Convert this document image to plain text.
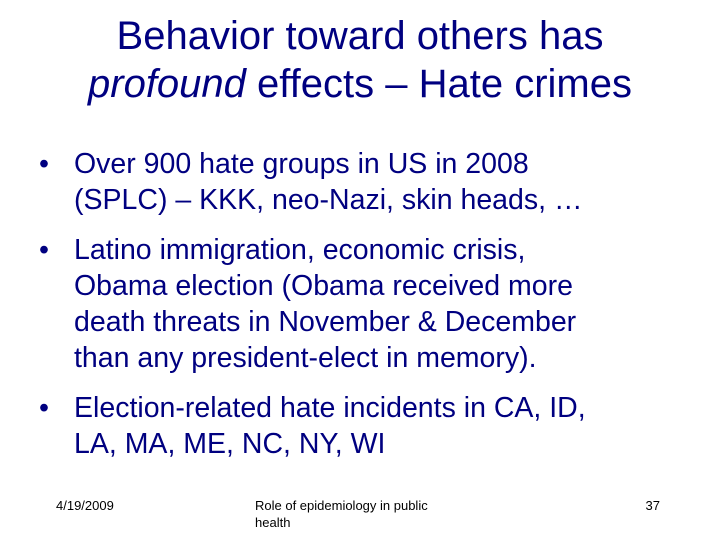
Behavior toward others has
profound effects – Hate crimes
• Over 900 hate groups in US in 2008
(SPLC) – KKK, neo-Nazi, skin heads, …
• Latino immigration, economic crisis,
Obama election (Obama received more
death threats in November & December
than any president-elect in memory).
• Election-related hate incidents in CA, ID,
LA, MA, ME, NC, NY, WI
4/19/2009	Role of epidemiology in public
health
37
